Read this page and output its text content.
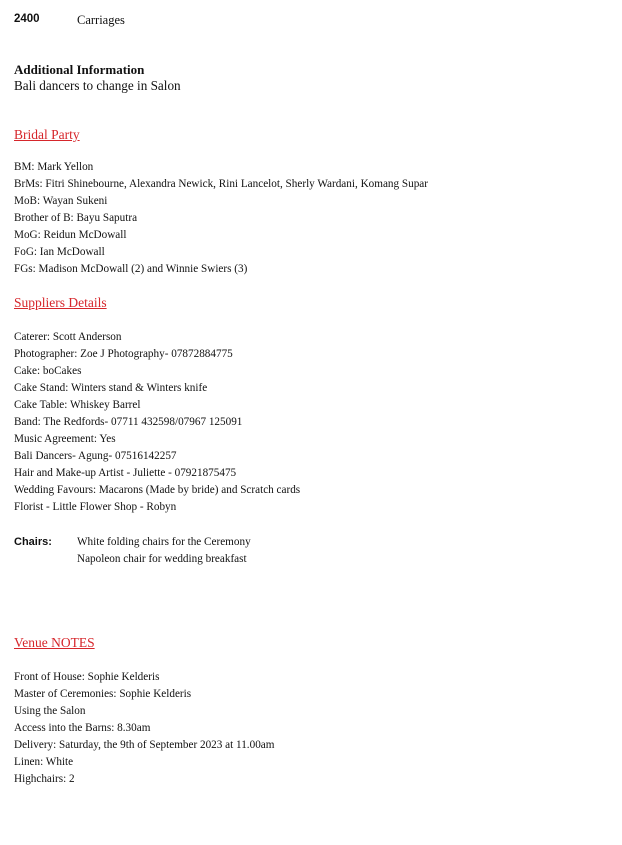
2400	Carriages
Additional Information
Bali dancers to change in Salon
Bridal Party
BM: Mark Yellon
BrMs: Fitri Shinebourne, Alexandra Newick, Rini Lancelot, Sherly Wardani, Komang Supar
MoB: Wayan Sukeni
Brother of B: Bayu Saputra
MoG: Reidun McDowall
FoG: Ian McDowall
FGs: Madison McDowall (2) and Winnie Swiers (3)
Suppliers Details
Caterer: Scott Anderson
Photographer: Zoe J Photography- 07872884775
Cake: boCakes
Cake Stand: Winters stand & Winters knife
Cake Table: Whiskey Barrel
Band: The Redfords- 07711 432598/07967 125091
Music Agreement: Yes
Bali Dancers- Agung- 07516142257
Hair and Make-up Artist - Juliette - 07921875475
Wedding Favours: Macarons (Made by bride) and Scratch cards
Florist - Little Flower Shop - Robyn
Chairs: White folding chairs for the Ceremony
Napoleon chair for wedding breakfast
Venue NOTES
Front of House: Sophie Kelderis
Master of Ceremonies: Sophie Kelderis
Using the Salon
Access into the Barns: 8.30am
Delivery: Saturday, the 9th of September 2023 at 11.00am
Linen: White
Highchairs: 2
